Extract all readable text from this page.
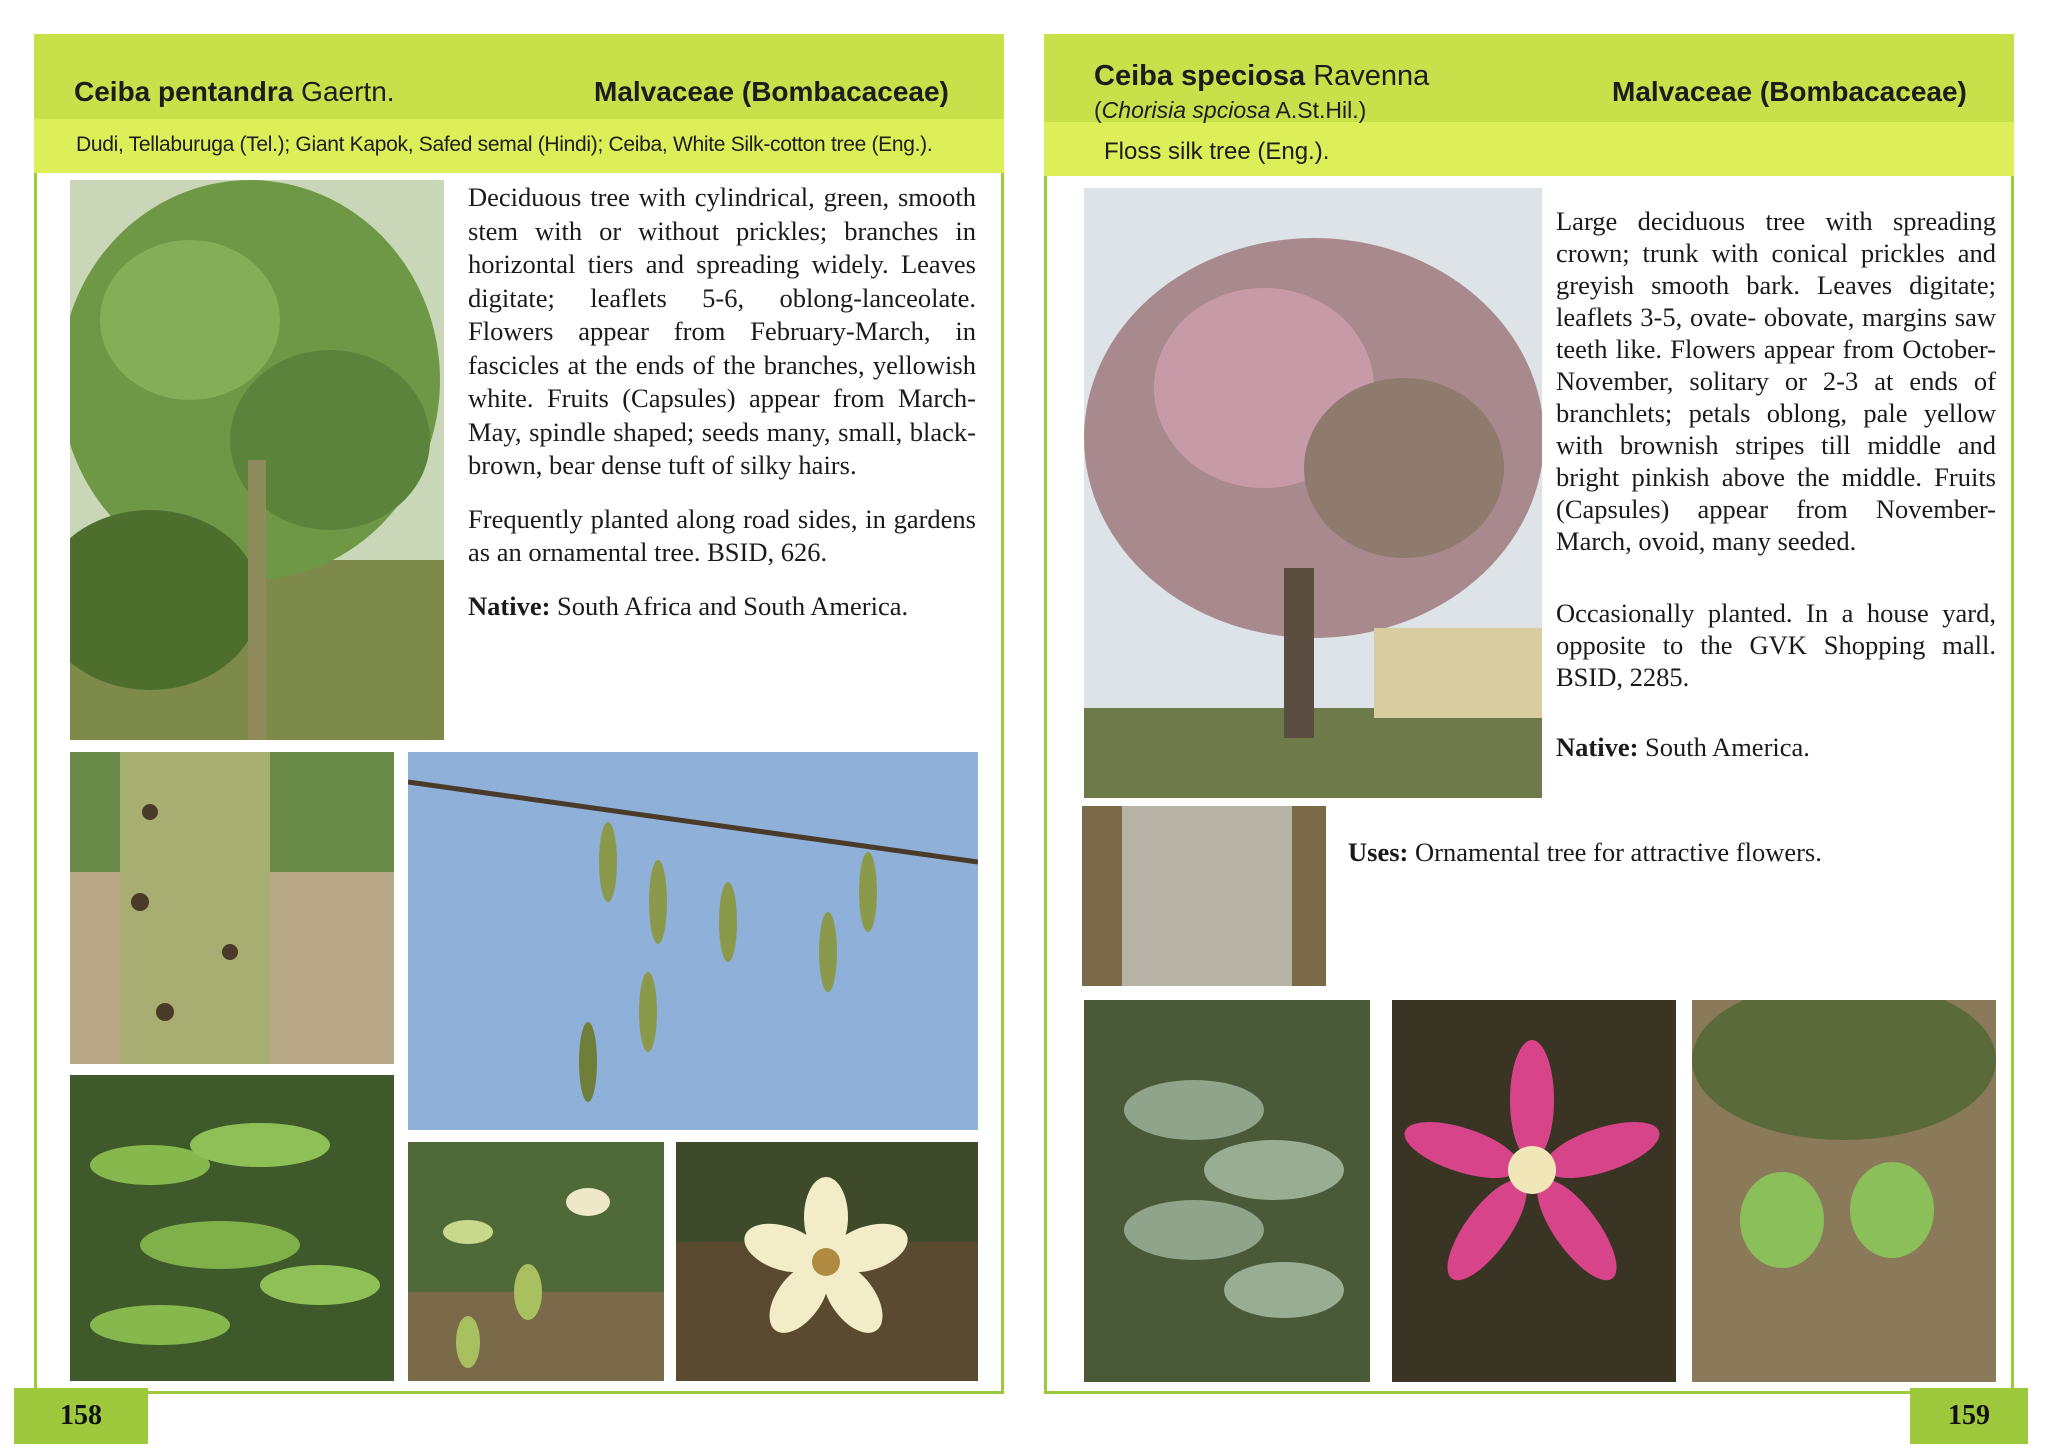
Ceiba pentandra Gaertn.	Malvaceae (Bombacaceae)
Dudi, Tellaburuga (Tel.); Giant Kapok, Safed semal (Hindi); Ceiba, White Silk-cotton tree (Eng.).

Deciduous tree with cylindrical, green, smooth stem with or without prickles; branches in horizontal tiers and spreading widely. Leaves digitate; leaflets 5-6, oblong-lanceolate. Flowers appear from February-March, in fascicles at the ends of the branches, yellowish white. Fruits (Capsules) appear from March-May, spindle shaped; seeds many, small, black-brown, bear dense tuft of silky hairs.

Frequently planted along road sides, in gardens as an ornamental tree. BSID, 626.

Native: South Africa and South America.

158
Ceiba speciosa Ravenna
(Chorisia spciosa A.St.Hil.)
Malvaceae (Bombacaceae)
Floss silk tree (Eng.).

Large deciduous tree with spreading crown; trunk with conical prickles and greyish smooth bark. Leaves digitate; leaflets 3-5, ovate- obovate, margins saw teeth like. Flowers appear from October-November, solitary or 2-3 at ends of branchlets; petals oblong, pale yellow with brownish stripes till middle and bright pinkish above the middle. Fruits (Capsules) appear from November-March, ovoid, many seeded.

Occasionally planted. In a house yard, opposite to the GVK Shopping mall. BSID, 2285.

Native: South America.

Uses: Ornamental tree for attractive flowers.
159
